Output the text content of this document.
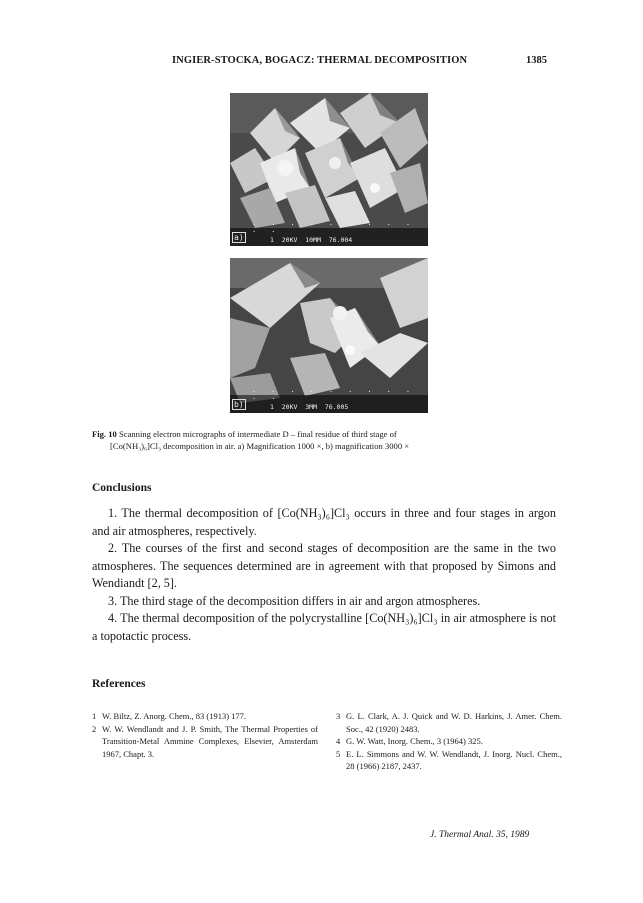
INGIER-STOCKA, BOGACZ: THERMAL DECOMPOSITION	1385
a)
· · · · · · · · · · ·
1  20KV  10MM  76.004
b)
· · · · · · · · · · ·
1  20KV  3MM  76.005
Fig. 10 Scanning electron micrographs of intermediate D – final residue of third stage of
[Co(NH₃)₆]Cl₃ decomposition in air. a) Magnification 1000 ×, b) magnification 3000 ×
Conclusions

1. The thermal decomposition of [Co(NH₃)₆]Cl₃ occurs in three and four stages in argon and air atmospheres, respectively.

2. The courses of the first and second stages of decomposition are the same in the two atmospheres. The sequences determined are in agreement with that proposed by Simons and Wendiandt [2, 5].

3. The third stage of the decomposition differs in air and argon atmospheres.

4. The thermal decomposition of the polycrystalline [Co(NH₃)₆]Cl₃ in air atmosphere is not a topotactic process.

References
1 W. Biltz, Z. Anorg. Chem., 83 (1913) 177.
2 W. W. Wendlandt and J. P. Smith, The Thermal Properties of Transition-Metal Ammine Complexes, Elsevier, Amsterdam 1967, Chapt. 3.
3 G. L. Clark, A. J. Quick and W. D. Harkins, J. Amer. Chem. Soc., 42 (1920) 2483.
4 G. W. Watt, Inorg. Chem., 3 (1964) 325.
5 E. L. Simmons and W. W. Wendlandt, J. Inorg. Nucl. Chem., 28 (1966) 2187, 2437.
J. Thermal Anal. 35, 1989
